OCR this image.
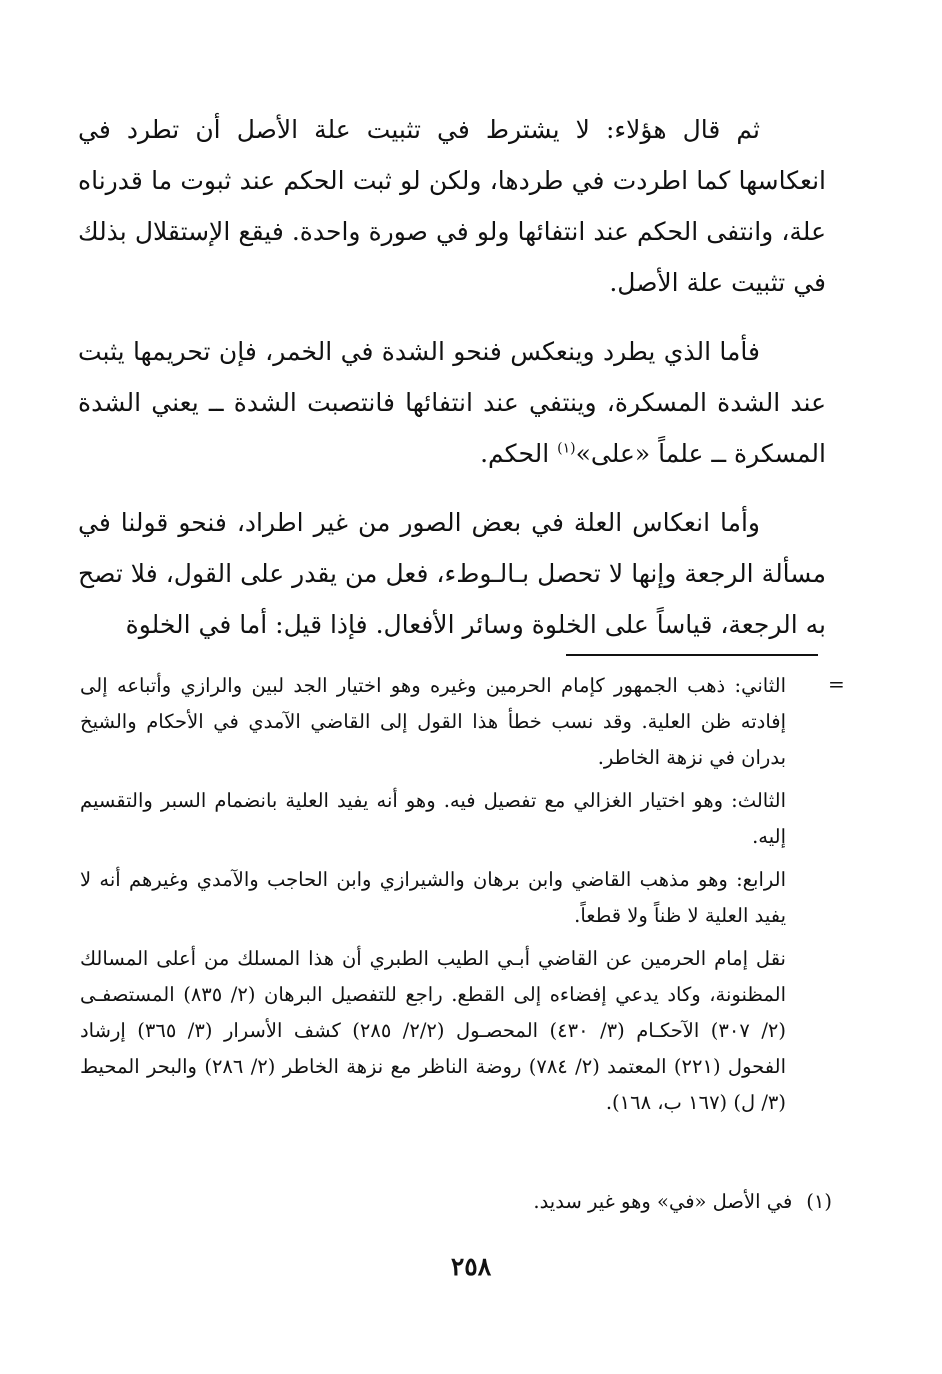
ثم قال هؤلاء: لا يشترط في تثبيت علة الأصل أن تطرد في انعكاسها كما اطردت في طردها، ولكن لو ثبت الحكم عند ثبوت ما قدرناه علة، وانتفى الحكم عند انتفائها ولو في صورة واحدة. فيقع الإستقلال بذلك في تثبيت علة الأصل.

فأما الذي يطرد وينعكس فنحو الشدة في الخمر، فإن تحريمها يثبت عند الشدة المسكرة، وينتفي عند انتفائها فانتصبت الشدة ــ يعني الشدة المسكرة ــ علماً «على»$^{(١)}$ الحكم.

وأما انعكاس العلة في بعض الصور من غير اطراد، فنحو قولنا في مسألة الرجعة وإنها لا تحصل بـالـوطء، فعل من يقدر على القول، فلا تصح به الرجعة، قياساً على الخلوة وسائر الأفعال. فإذا قيل: أما في الخلوة

=

الثاني: ذهب الجمهور كإمام الحرمين وغيره وهو اختيار الجد لبين والرازي وأتباعه إلى إفادته ظن العلية. وقد نسب خطأ هذا القول إلى القاضي الآمدي في الأحكام والشيخ بدران في نزهة الخاطر.

الثالث: وهو اختيار الغزالي مع تفصيل فيه. وهو أنه يفيد العلية بانضمام السبر والتقسيم إليه.

الرابع: وهو مذهب القاضي وابن برهان والشيرازي وابن الحاجب والآمدي وغيرهم أنه لا يفيد العلية لا ظناً ولا قطعاً.

نقل إمام الحرمين عن القاضي أبـي الطيب الطبري أن هذا المسلك من أعلى المسالك المظنونة، وكاد يدعي إفضاءه إلى القطع. راجع للتفصيل البرهان (٢/ ٨٣٥) المستصفـى (٢/ ٣٠٧) الآحكـام (٣/ ٤٣٠) المحصـول (٢/٢/ ٢٨٥) كشف الأسرار (٣/ ٣٦٥) إرشاد الفحول (٢٢١) المعتمد (٢/ ٧٨٤) روضة الناظر مع نزهة الخاطر (٢/ ٢٨٦) والبحر المحيط (٣/ ل) (١٦٧ ب، ١٦٨).

(١)في الأصل «في» وهو غير سديد.
٢٥٨
